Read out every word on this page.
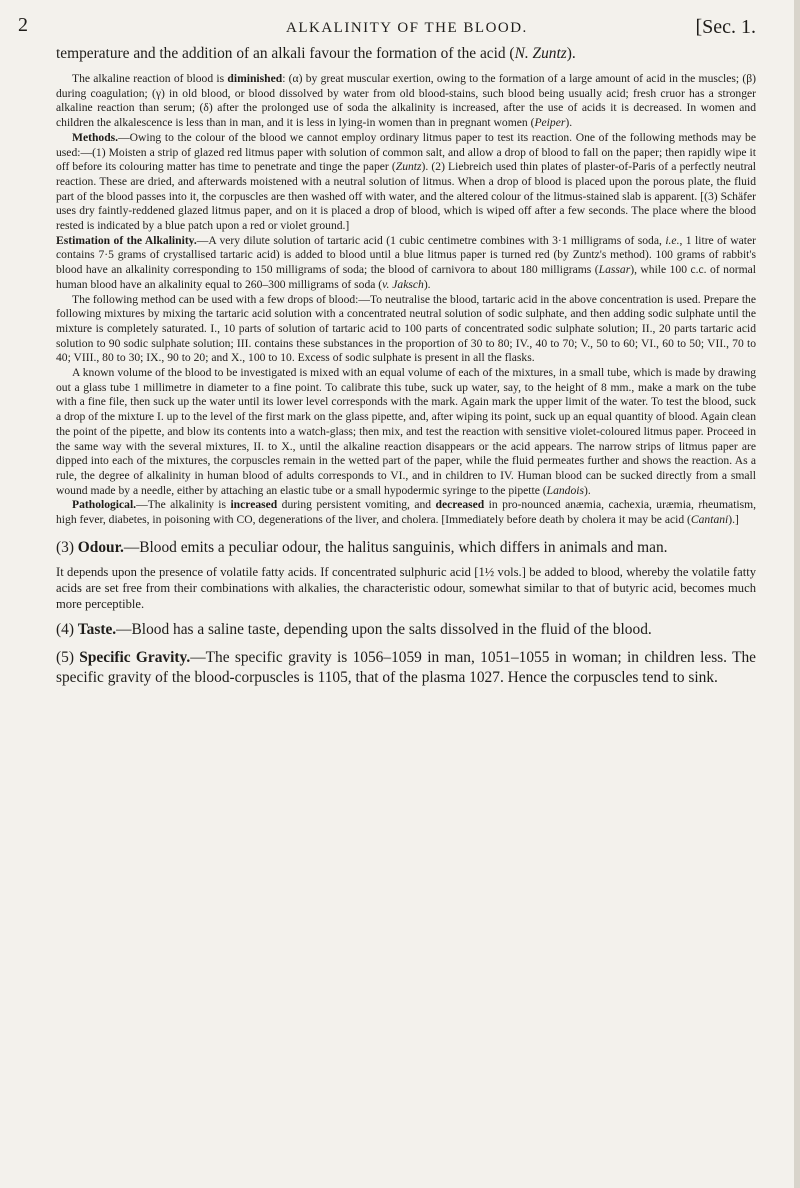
2	ALKALINITY OF THE BLOOD.	[Sec. 1.

temperature and the addition of an alkali favour the formation of the acid (N. Zuntz).

The alkaline reaction of blood is diminished: (α) by great muscular exertion, owing to the formation of a large amount of acid in the muscles; (β) during coagulation; (γ) in old blood, or blood dissolved by water from old blood-stains, such blood being usually acid; fresh cruor has a stronger alkaline reaction than serum; (δ) after the prolonged use of soda the alkalinity is increased, after the use of acids it is decreased. In women and children the alkalescence is less than in man, and it is less in lying-in women than in pregnant women (Peiper).

Methods.—Owing to the colour of the blood we cannot employ ordinary litmus paper to test its reaction. One of the following methods may be used:—(1) Moisten a strip of glazed red litmus paper with solution of common salt, and allow a drop of blood to fall on the paper; then rapidly wipe it off before its colouring matter has time to penetrate and tinge the paper (Zuntz). (2) Liebreich used thin plates of plaster-of-Paris of a perfectly neutral reaction. These are dried, and afterwards moistened with a neutral solution of litmus. When a drop of blood is placed upon the porous plate, the fluid part of the blood passes into it, the corpuscles are then washed off with water, and the altered colour of the litmus-stained slab is apparent. [(3) Schäfer uses dry faintly-reddened glazed litmus paper, and on it is placed a drop of blood, which is wiped off after a few seconds. The place where the blood rested is indicated by a blue patch upon a red or violet ground.]

Estimation of the Alkalinity.—A very dilute solution of tartaric acid (1 cubic centimetre combines with 3·1 milligrams of soda, i.e., 1 litre of water contains 7·5 grams of crystallised tartaric acid) is added to blood until a blue litmus paper is turned red (by Zuntz's method). 100 grams of rabbit's blood have an alkalinity corresponding to 150 milligrams of soda; the blood of carnivora to about 180 milligrams (Lassar), while 100 c.c. of normal human blood have an alkalinity equal to 260–300 milligrams of soda (v. Jaksch).

The following method can be used with a few drops of blood:—To neutralise the blood, tartaric acid in the above concentration is used. Prepare the following mixtures by mixing the tartaric acid solution with a concentrated neutral solution of sodic sulphate, and then adding sodic sulphate until the mixture is completely saturated. I., 10 parts of solution of tartaric acid to 100 parts of concentrated sodic sulphate solution; II., 20 parts tartaric acid solution to 90 sodic sulphate solution; III. contains these substances in the proportion of 30 to 80; IV., 40 to 70; V., 50 to 60; VI., 60 to 50; VII., 70 to 40; VIII., 80 to 30; IX., 90 to 20; and X., 100 to 10. Excess of sodic sulphate is present in all the flasks.

A known volume of the blood to be investigated is mixed with an equal volume of each of the mixtures, in a small tube, which is made by drawing out a glass tube 1 millimetre in diameter to a fine point. To calibrate this tube, suck up water, say, to the height of 8 mm., make a mark on the tube with a fine file, then suck up the water until its lower level corresponds with the mark. Again mark the upper limit of the water. To test the blood, suck a drop of the mixture I. up to the level of the first mark on the glass pipette, and, after wiping its point, suck up an equal quantity of blood. Again clean the point of the pipette, and blow its contents into a watch-glass; then mix, and test the reaction with sensitive violet-coloured litmus paper. Proceed in the same way with the several mixtures, II. to X., until the alkaline reaction disappears or the acid appears. The narrow strips of litmus paper are dipped into each of the mixtures, the corpuscles remain in the wetted part of the paper, while the fluid permeates further and shows the reaction. As a rule, the degree of alkalinity in human blood of adults corresponds to VI., and in children to IV. Human blood can be sucked directly from a small wound made by a needle, either by attaching an elastic tube or a small hypodermic syringe to the pipette (Landois).

Pathological.—The alkalinity is increased during persistent vomiting, and decreased in pro-nounced anæmia, cachexia, uræmia, rheumatism, high fever, diabetes, in poisoning with CO, degenerations of the liver, and cholera. [Immediately before death by cholera it may be acid (Cantani).]

(3) Odour.—Blood emits a peculiar odour, the halitus sanguinis, which differs in animals and man.

It depends upon the presence of volatile fatty acids. If concentrated sulphuric acid [1½ vols.] be added to blood, whereby the volatile fatty acids are set free from their combinations with alkalies, the characteristic odour, somewhat similar to that of butyric acid, becomes much more perceptible.

(4) Taste.—Blood has a saline taste, depending upon the salts dissolved in the fluid of the blood.

(5) Specific Gravity.—The specific gravity is 1056–1059 in man, 1051–1055 in woman; in children less. The specific gravity of the blood-corpuscles is 1105, that of the plasma 1027. Hence the corpuscles tend to sink.
